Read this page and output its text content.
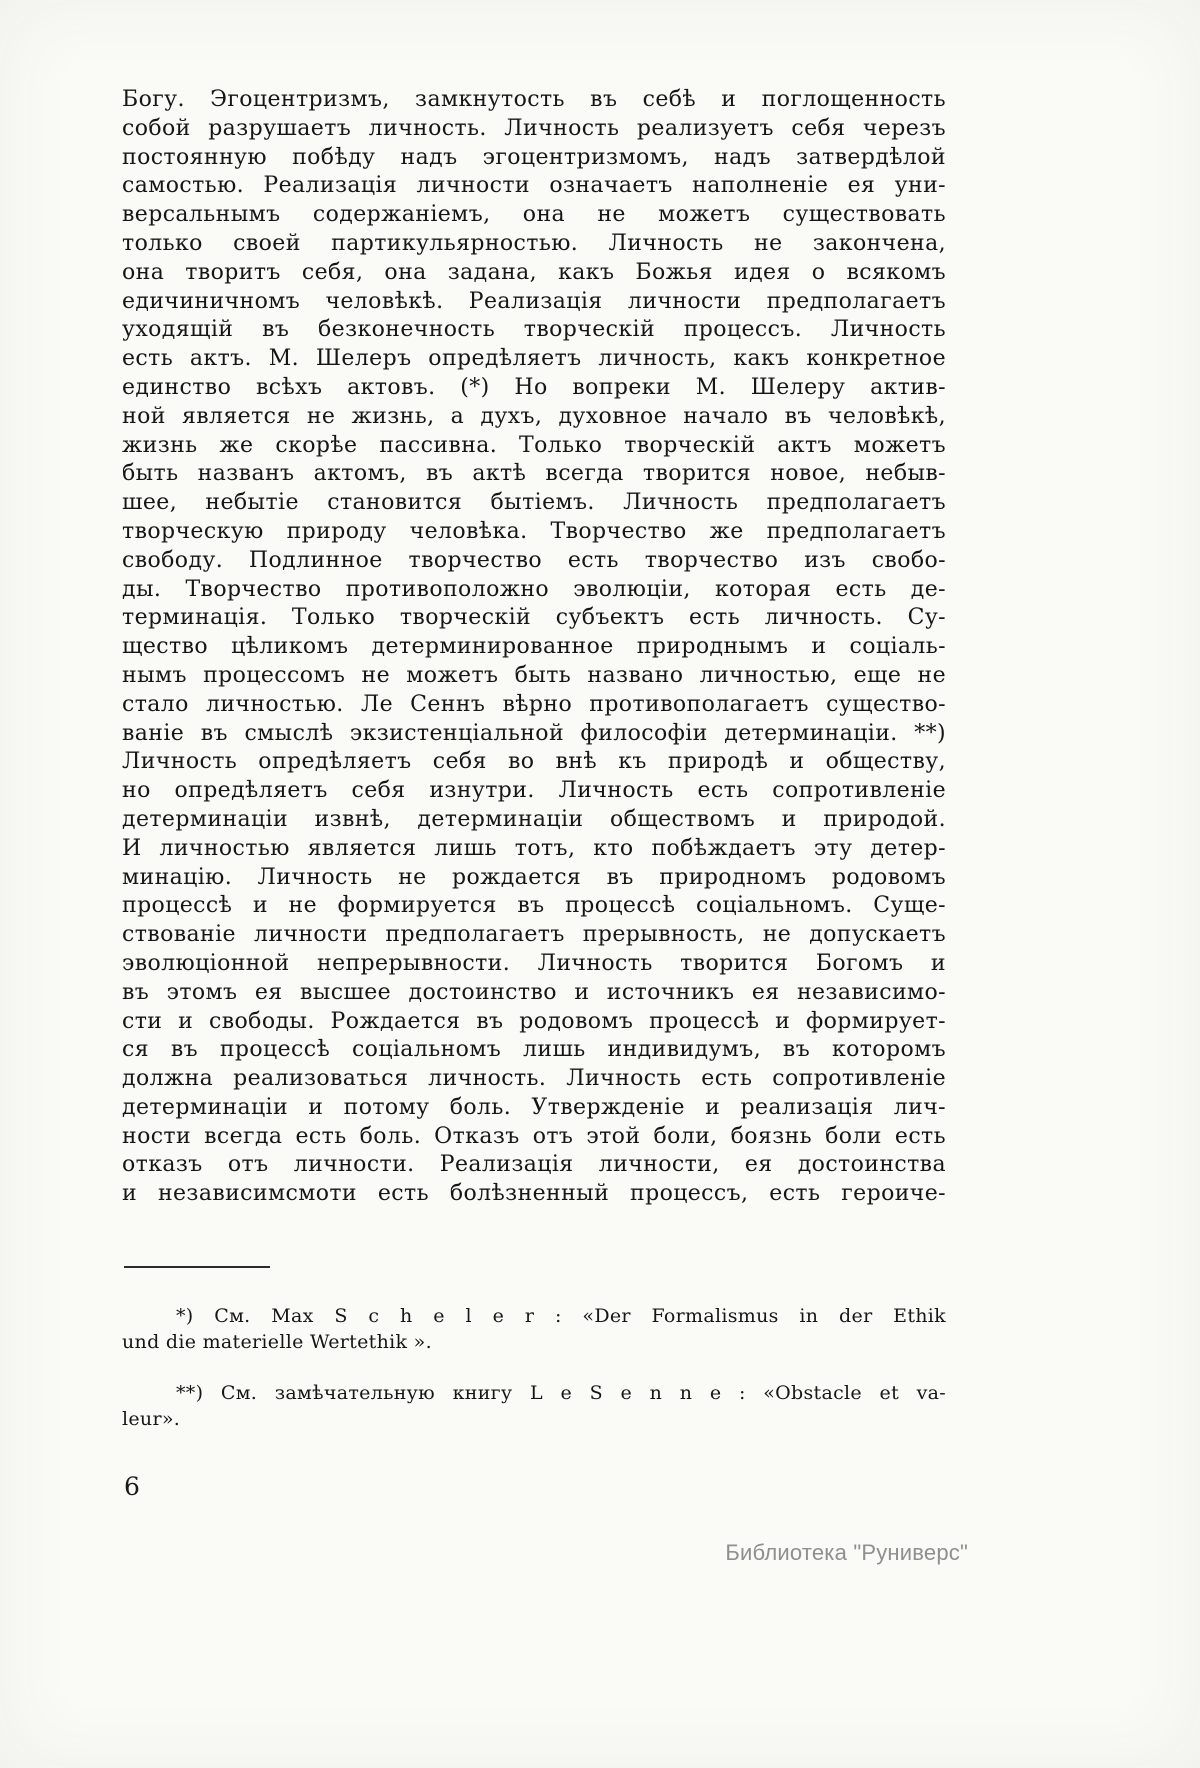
Богу. Эгоцентризмъ, замкнутость въ себѣ и поглощенность
собой разрушаетъ личность. Личность реализуетъ себя черезъ
постоянную побѣду надъ эгоцентризмомъ, надъ затвердѣлой
самостью. Реализація личности означаетъ наполненіе ея уни-
версальнымъ содержаніемъ, она не можетъ существовать
только своей партикульярностью. Личность не закончена,
она творитъ себя, она задана, какъ Божья идея о всякомъ
едичиничномъ человѣкѣ. Реализація личности предполагаетъ
уходящій въ безконечность творческій процессъ. Личность
есть актъ. М. Шелеръ опредѣляетъ личность, какъ конкретное
единство всѣхъ актовъ. (*) Но вопреки М. Шелеру актив-
ной является не жизнь, а духъ, духовное начало въ человѣкѣ,
жизнь же скорѣе пассивна. Только творческій актъ можетъ
быть названъ актомъ, въ актѣ всегда творится новое, небыв-
шее, небытіе становится бытіемъ. Личность предполагаетъ
творческую природу человѣка. Творчество же предполагаетъ
свободу. Подлинное творчество есть творчество изъ свобо-
ды. Творчество противоположно эволюціи, которая есть де-
терминація. Только творческій субъектъ есть личность. Су-
щество цѣликомъ детерминированное природнымъ и соціаль-
нымъ процессомъ не можетъ быть названо личностью, еще не
стало личностью. Ле Сеннъ вѣрно противополагаетъ существо-
ваніе въ смыслѣ экзистенціальной философіи детерминаціи. **)
Личность опредѣляетъ себя во внѣ къ природѣ и обществу,
но опредѣляетъ себя изнутри. Личность есть сопротивленіе
детерминаціи извнѣ, детерминаціи обществомъ и природой.
И личностью является лишь тотъ, кто побѣждаетъ эту детер-
минацію. Личность не рождается въ природномъ родовомъ
процессѣ и не формируется въ процессѣ соціальномъ. Суще-
ствованіе личности предполагаетъ прерывность, не допускаетъ
эволюціонной непрерывности. Личность творится Богомъ и
въ этомъ ея высшее достоинство и источникъ ея независимо-
сти и свободы. Рождается въ родовомъ процессѣ и формирует-
ся въ процессѣ соціальномъ лишь индивидумъ, въ которомъ
должна реализоваться личность. Личность есть сопротивленіе
детерминаціи и потому боль. Утвержденіе и реализація лич-
ности всегда есть боль. Отказъ отъ этой боли, боязнь боли есть
отказъ отъ личности. Реализація личности, ея достоинства
и независимсмоти есть болѣзненный процессъ, есть героиче-
*) См. Max S c h e l e r : «Der Formalismus in der Ethik
und die materielle Wertethik ».
**) См. замѣчательную книгу L e S e n n e : «Obstacle et va-
leur».
6
Библиотека "Руниверс"
